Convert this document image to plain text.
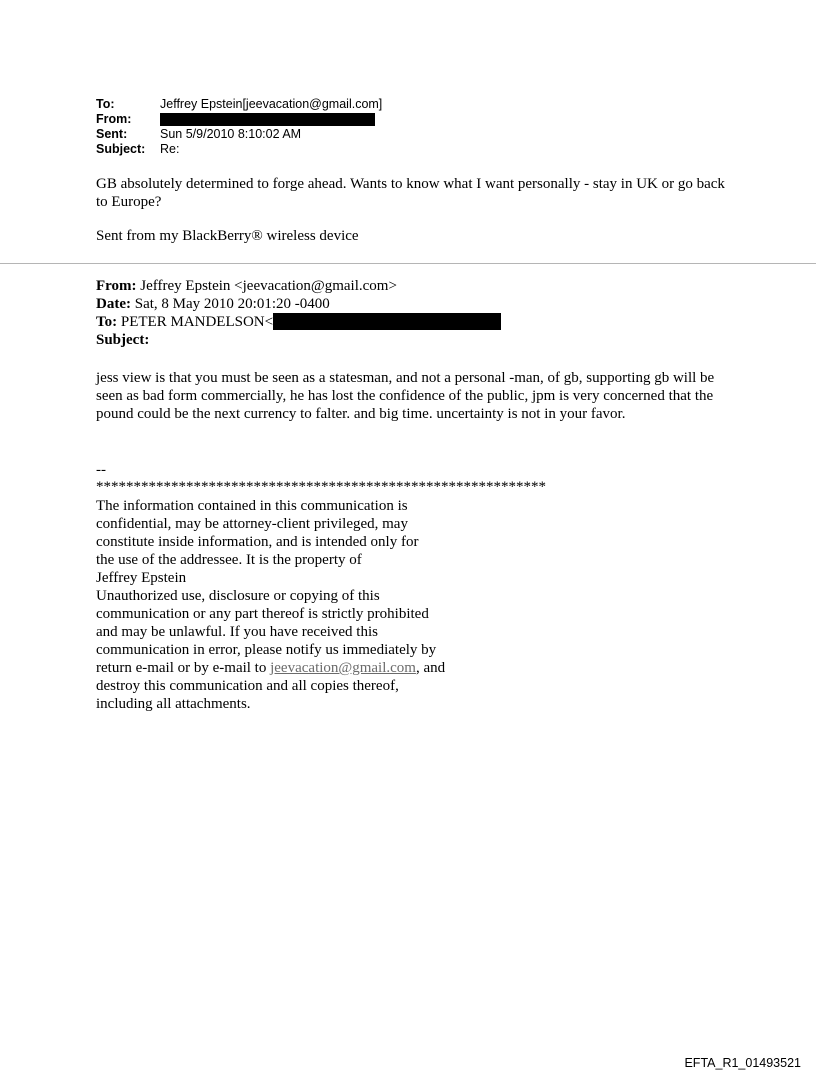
To:	Jeffrey Epstein[jeevacation@gmail.com]
From:
Sent:	Sun 5/9/2010 8:10:02 AM
Subject:	Re:
GB absolutely determined to forge ahead. Wants to know what I want personally - stay in UK or go back to Europe?
Sent from my BlackBerry® wireless device
From: Jeffrey Epstein <jeevacation@gmail.com>
Date: Sat, 8 May 2010 20:01:20 -0400
To: PETER MANDELSON<
Subject:
jess view is that you must be seen as a statesman, and not a personal -man, of gb, supporting gb will be seen as bad form commercially, he has lost the confidence of the public, jpm is very concerned that the pound could be the next currency to falter. and big time. uncertainty is not in your favor.
--
************************************************************
The information contained in this communication is
confidential, may be attorney-client privileged, may
constitute inside information, and is intended only for
the use of the addressee. It is the property of
Jeffrey Epstein
Unauthorized use, disclosure or copying of this
communication or any part thereof is strictly prohibited
and may be unlawful. If you have received this
communication in error, please notify us immediately by
return e-mail or by e-mail to jeevacation@gmail.com, and
destroy this communication and all copies thereof,
including all attachments.
EFTA_R1_01493521
